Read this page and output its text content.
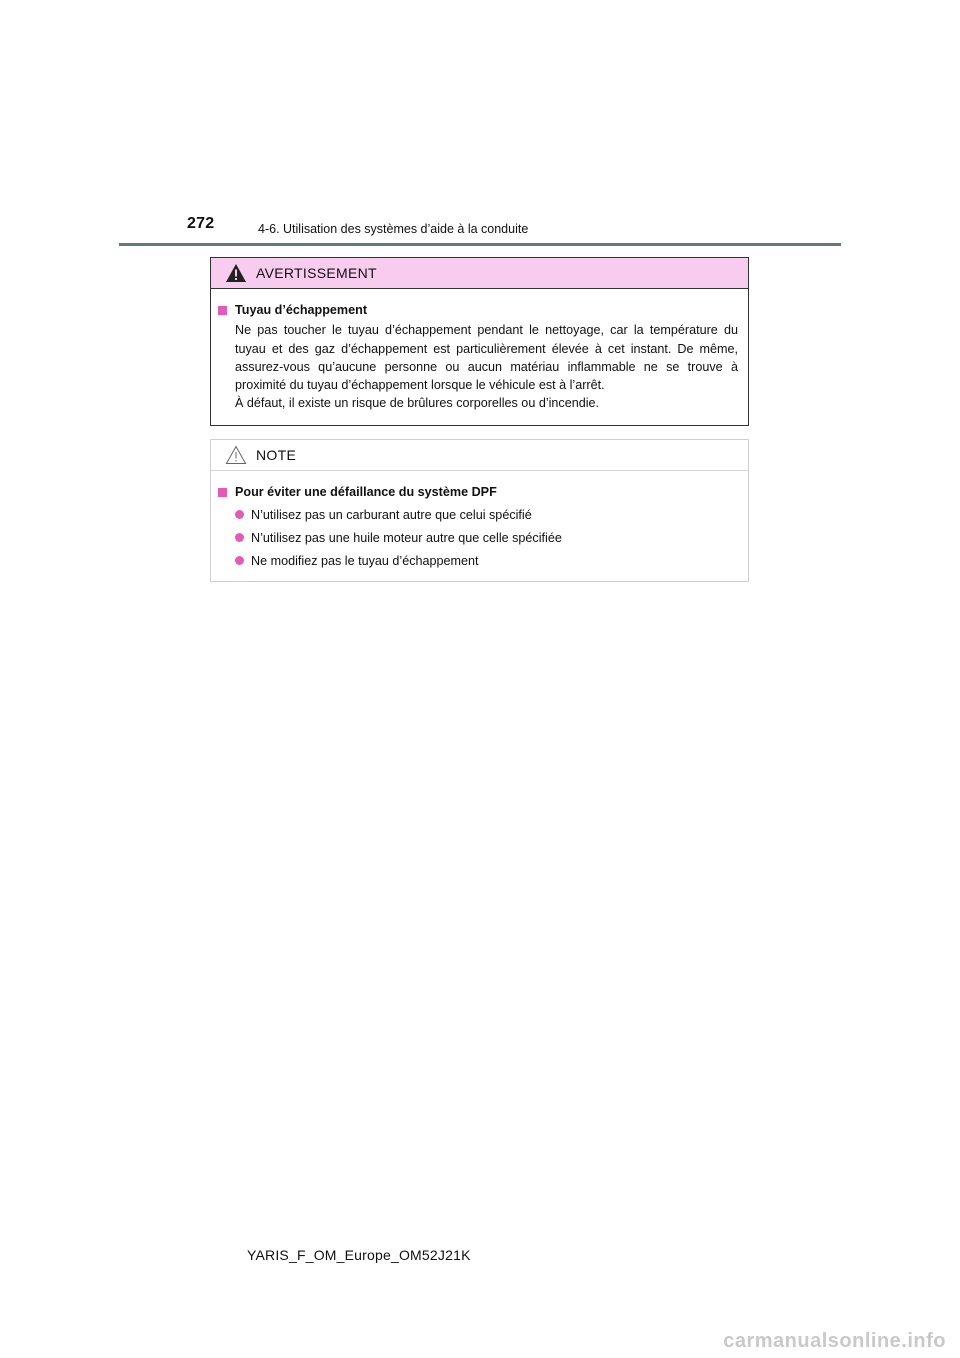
272	4-6. Utilisation des systèmes d’aide à la conduite
AVERTISSEMENT
Tuyau d’échappement
Ne pas toucher le tuyau d’échappement pendant le nettoyage, car la température du tuyau et des gaz d’échappement est particulièrement élevée à cet instant. De même, assurez-vous qu’aucune personne ou aucun matériau inflammable ne se trouve à proximité du tuyau d’échappement lorsque le véhicule est à l’arrêt.
À défaut, il existe un risque de brûlures corporelles ou d’incendie.
NOTE
Pour éviter une défaillance du système DPF
N’utilisez pas un carburant autre que celui spécifié
N’utilisez pas une huile moteur autre que celle spécifiée
Ne modifiez pas le tuyau d’échappement
YARIS_F_OM_Europe_OM52J21K
carmanualsonline.info
